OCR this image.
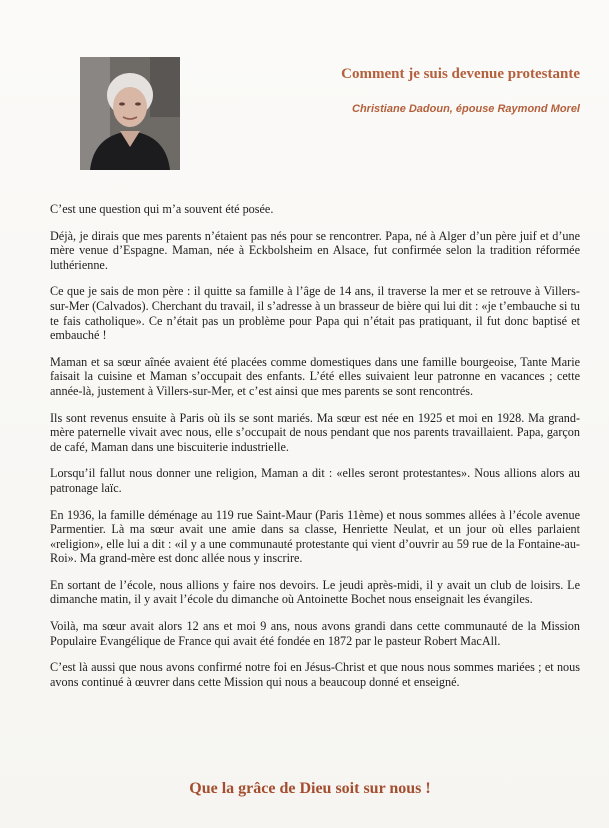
Comment je suis devenue protestante
Christiane Dadoun, épouse Raymond Morel

C’est une question qui m’a souvent été posée.

Déjà, je dirais que mes parents n’étaient pas nés pour se rencontrer. Papa, né à Alger d’un père juif et d’une mère venue d’Espagne. Maman, née à Eckbolsheim en Alsace, fut confirmée selon la tradition réformée luthérienne.

Ce que je sais de mon père : il quitte sa famille à l’âge de 14 ans, il traverse la mer et se retrouve à Villers-sur-Mer (Calvados). Cherchant du travail, il s’adresse à un brasseur de bière qui lui dit : «je t’embauche si tu te fais catholique». Ce n’était pas un problème pour Papa qui n’était pas pratiquant, il fut donc baptisé et embauché !

Maman et sa sœur aînée avaient été placées comme domestiques dans une famille bourgeoise, Tante Marie faisait la cuisine et Maman s’occupait des enfants. L’été elles suivaient leur patronne en vacances ; cette année-là, justement à Villers-sur-Mer, et c’est ainsi que mes parents se sont rencontrés.

Ils sont revenus ensuite à Paris où ils se sont mariés. Ma sœur est née en 1925 et moi en 1928. Ma grand-mère paternelle vivait avec nous, elle s’occupait de nous pendant que nos parents travaillaient. Papa, garçon de café, Maman dans une biscuiterie industrielle.

Lorsqu’il fallut nous donner une religion, Maman a dit : «elles seront protestantes». Nous allions alors au patronage laïc.

En 1936, la famille déménage au 119 rue Saint-Maur (Paris 11ème) et nous sommes allées à l’école avenue Parmentier. Là ma sœur avait une amie dans sa classe, Henriette Neulat, et un jour où elles parlaient «religion», elle lui a dit : «il y a une communauté protestante qui vient d’ouvrir au 59 rue de la Fontaine-au-Roi». Ma grand-mère est donc allée nous y inscrire.

En sortant de l’école, nous allions y faire nos devoirs. Le jeudi après-midi, il y avait un club de loisirs. Le dimanche matin, il y avait l’école du dimanche où Antoinette Bochet nous enseignait les évangiles.

Voilà, ma sœur avait alors 12 ans et moi 9 ans, nous avons grandi dans cette communauté de la Mission Populaire Evangélique de France qui avait été fondée en 1872 par le pasteur Robert MacAll.

C’est là aussi que nous avons confirmé notre foi en Jésus-Christ et que nous nous sommes mariées ; et nous avons continué à œuvrer dans cette Mission qui nous a beaucoup donné et enseigné.

Que la grâce de Dieu soit sur nous !
